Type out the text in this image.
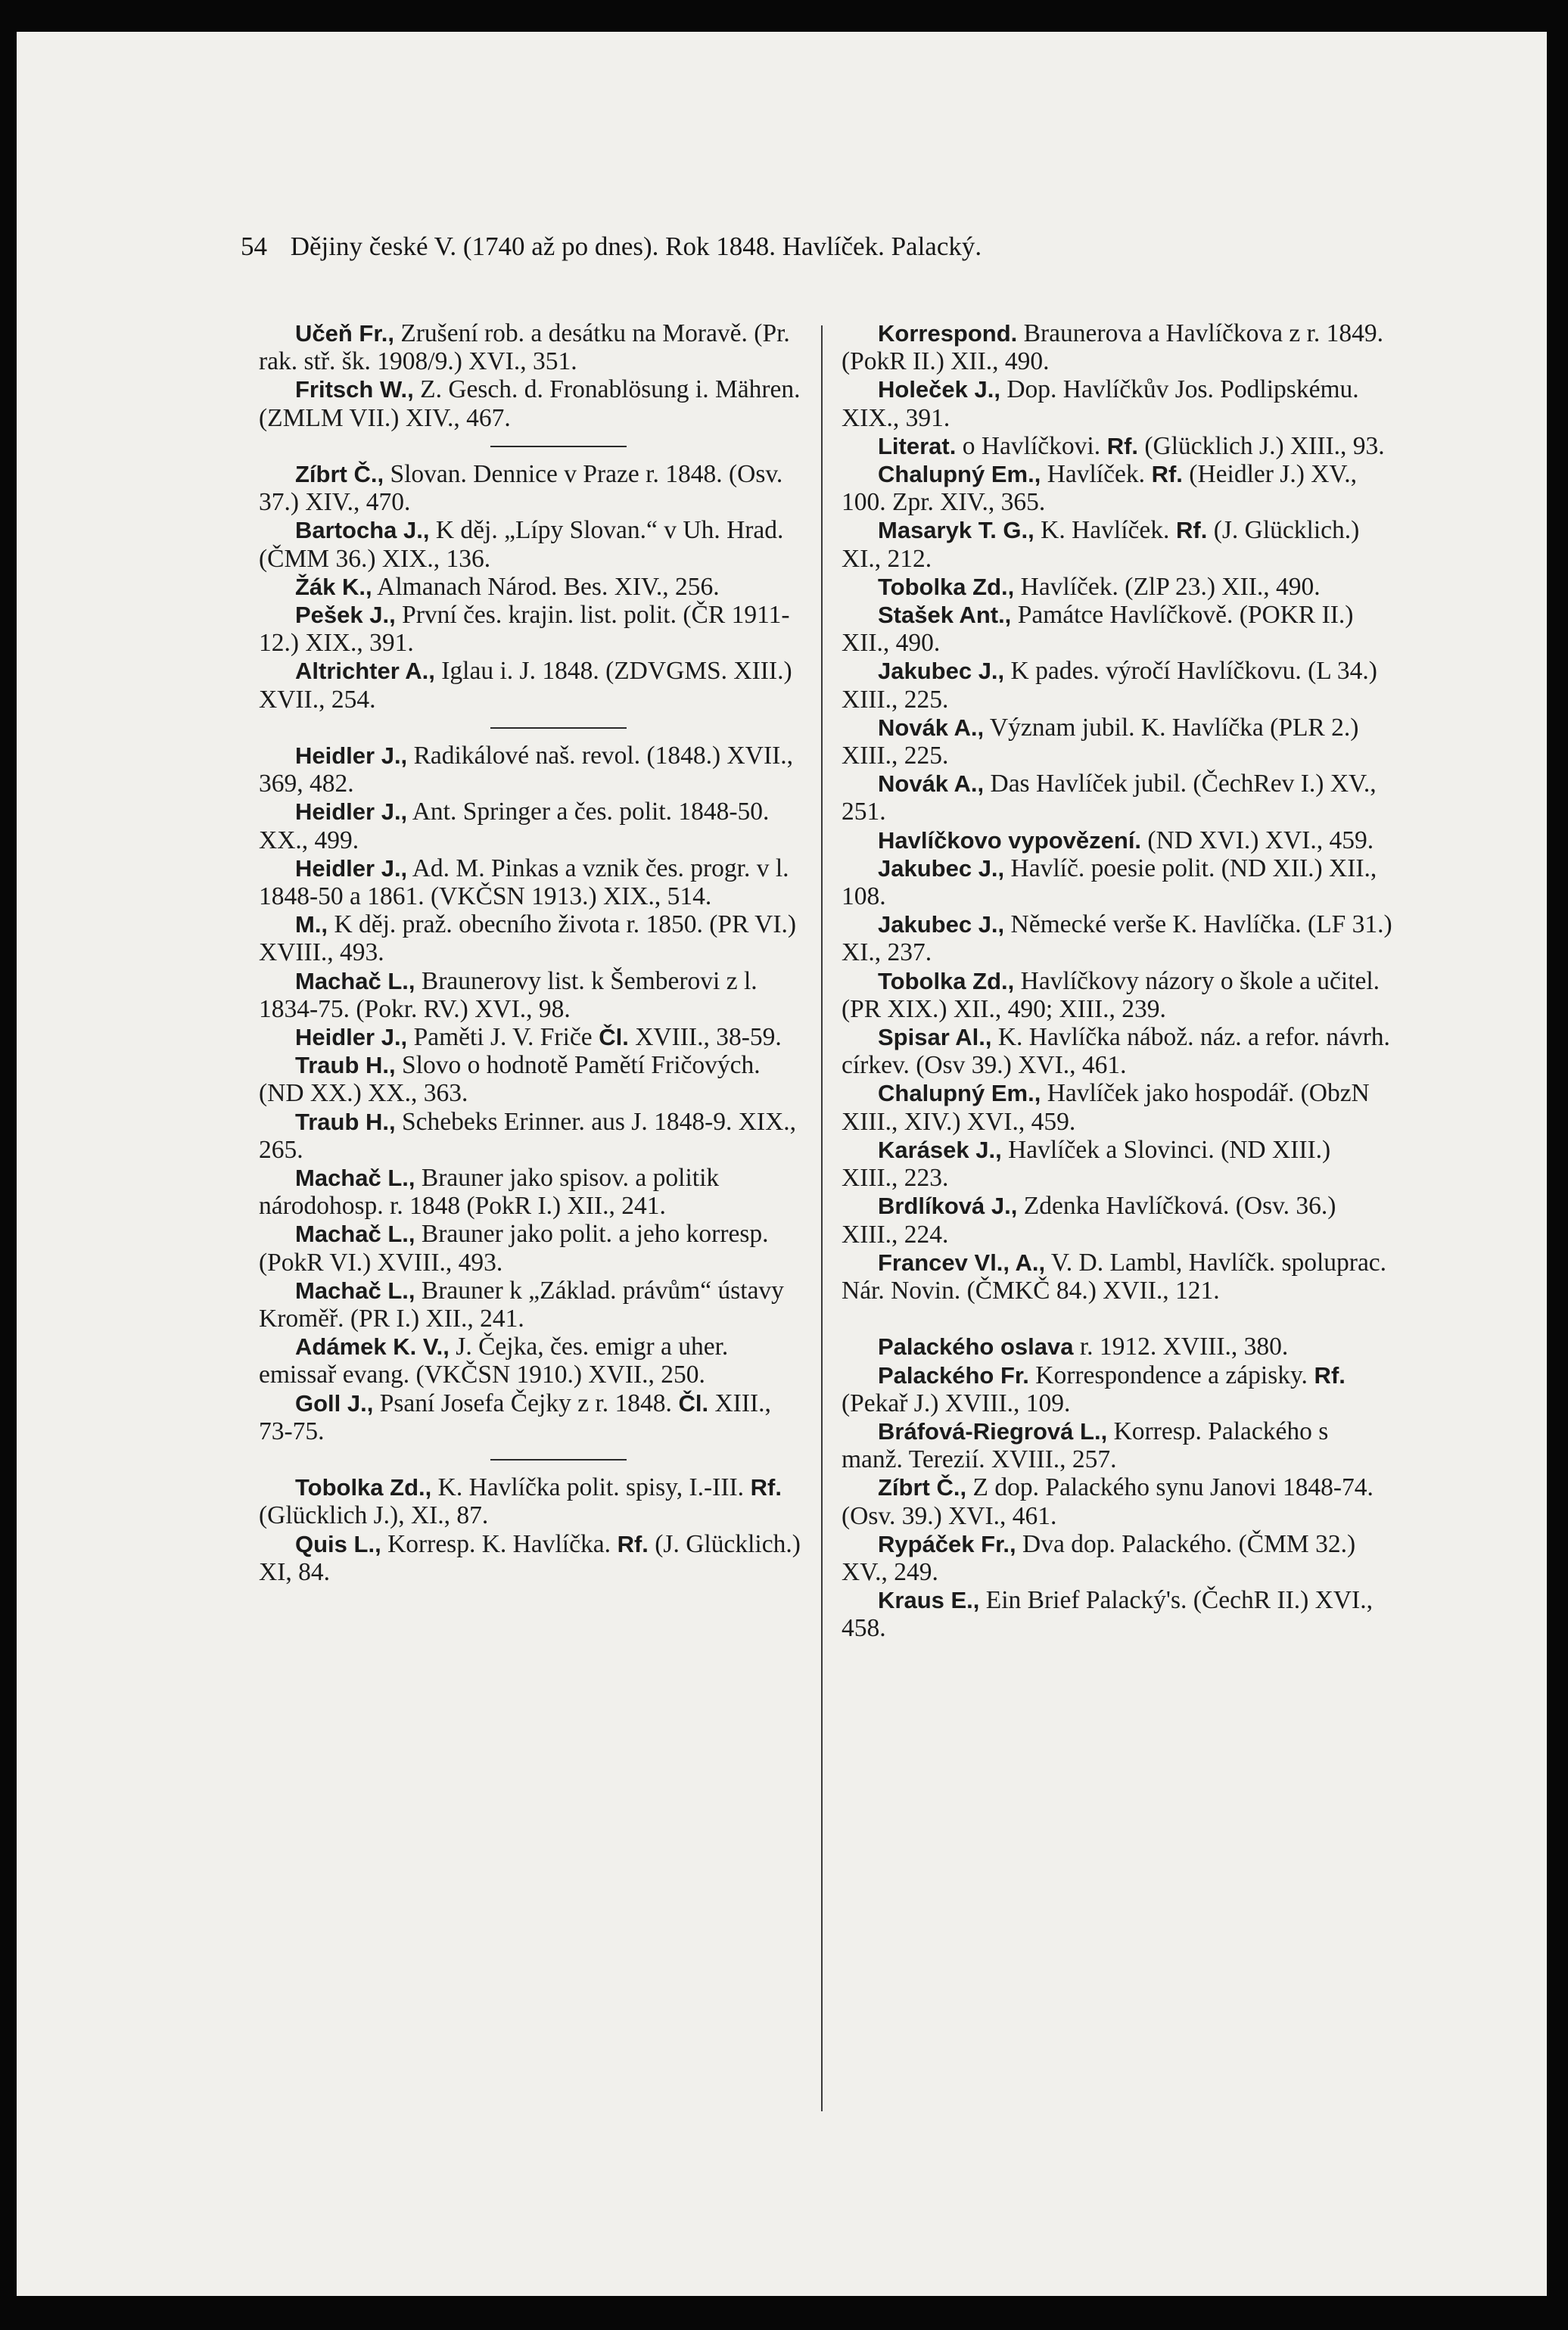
54 Dějiny české V. (1740 až po dnes). Rok 1848. Havlíček. Palacký.

Učeň Fr., Zrušení rob. a desátku na Moravě. (Pr. rak. stř. šk. 1908/9.) XVI., 351.

Fritsch W., Z. Gesch. d. Fronablösung i. Mähren. (ZMLM VII.) XIV., 467.

Zíbrt Č., Slovan. Dennice v Praze r. 1848. (Osv. 37.) XIV., 470.

Bartocha J., K děj. „Lípy Slovan.“ v Uh. Hrad. (ČMM 36.) XIX., 136.

Žák K., Almanach Národ. Bes. XIV., 256.

Pešek J., První čes. krajin. list. polit. (ČR 1911-12.) XIX., 391.

Altrichter A., Iglau i. J. 1848. (ZDVGMS. XIII.) XVII., 254.

Heidler J., Radikálové naš. revol. (1848.) XVII., 369, 482.

Heidler J., Ant. Springer a čes. polit. 1848-50. XX., 499.

Heidler J., Ad. M. Pinkas a vznik čes. progr. v l. 1848-50 a 1861. (VKČSN 1913.) XIX., 514.

M., K děj. praž. obecního života r. 1850. (PR VI.) XVIII., 493.

Machač L., Braunerovy list. k Šemberovi z l. 1834-75. (Pokr. RV.) XVI., 98.

Heidler J., Paměti J. V. Friče Čl. XVIII., 38-59.

Traub H., Slovo o hodnotě Pamětí Fričových. (ND XX.) XX., 363.

Traub H., Schebeks Erinner. aus J. 1848-9. XIX., 265.

Machač L., Brauner jako spisov. a politik národohosp. r. 1848 (PokR I.) XII., 241.

Machač L., Brauner jako polit. a jeho korresp. (PokR VI.) XVIII., 493.

Machač L., Brauner k „Základ. právům“ ústavy Kroměř. (PR I.) XII., 241.

Adámek K. V., J. Čejka, čes. emigr a uher. emissař evang. (VKČSN 1910.) XVII., 250.

Goll J., Psaní Josefa Čejky z r. 1848. Čl. XIII., 73-75.

Tobolka Zd., K. Havlíčka polit. spisy, I.-III. Rf. (Glücklich J.), XI., 87.

Quis L., Korresp. K. Havlíčka. Rf. (J. Glücklich.) XI, 84.

Korrespond. Braunerova a Havlíčkova z r. 1849. (PokR II.) XII., 490.

Holeček J., Dop. Havlíčkův Jos. Podlipskému. XIX., 391.

Literat. o Havlíčkovi. Rf. (Glücklich J.) XIII., 93.

Chalupný Em., Havlíček. Rf. (Heidler J.) XV., 100. Zpr. XIV., 365.

Masaryk T. G., K. Havlíček. Rf. (J. Glücklich.) XI., 212.

Tobolka Zd., Havlíček. (ZlP 23.) XII., 490.

Stašek Ant., Památce Havlíčkově. (POKR II.) XII., 490.

Jakubec J., K pades. výročí Havlíčkovu. (L 34.) XIII., 225.

Novák A., Význam jubil. K. Havlíčka (PLR 2.) XIII., 225.

Novák A., Das Havlíček jubil. (ČechRev I.) XV., 251.

Havlíčkovo vypovězení. (ND XVI.) XVI., 459.

Jakubec J., Havlíč. poesie polit. (ND XII.) XII., 108.

Jakubec J., Německé verše K. Havlíčka. (LF 31.) XI., 237.

Tobolka Zd., Havlíčkovy názory o škole a učitel. (PR XIX.) XII., 490; XIII., 239.

Spisar Al., K. Havlíčka nábož. náz. a refor. návrh. církev. (Osv 39.) XVI., 461.

Chalupný Em., Havlíček jako hospodář. (ObzN XIII., XIV.) XVI., 459.

Karásek J., Havlíček a Slovinci. (ND XIII.) XIII., 223.

Brdlíková J., Zdenka Havlíčková. (Osv. 36.) XIII., 224.

Francev Vl., A., V. D. Lambl, Havlíčk. spoluprac. Nár. Novin. (ČMKČ 84.) XVII., 121.

Palackého oslava r. 1912. XVIII., 380.

Palackého Fr. Korrespondence a zápisky. Rf. (Pekař J.) XVIII., 109.

Bráfová-Riegrová L., Korresp. Palackého s manž. Terezií. XVIII., 257.

Zíbrt Č., Z dop. Palackého synu Janovi 1848-74. (Osv. 39.) XVI., 461.

Rypáček Fr., Dva dop. Palackého. (ČMM 32.) XV., 249.

Kraus E., Ein Brief Palacký's. (ČechR II.) XVI., 458.
